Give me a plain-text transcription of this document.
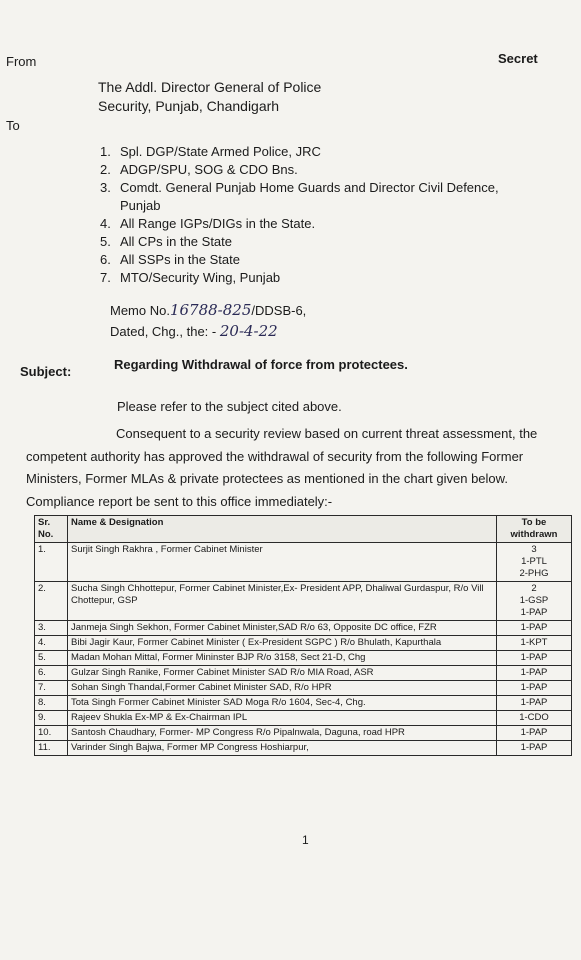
From	Secret
The Addl. Director General of Police
Security, Punjab, Chandigarh
To
1. Spl. DGP/State Armed Police, JRC
2. ADGP/SPU, SOG & CDO Bns.
3. Comdt. General Punjab Home Guards and Director Civil Defence,
Punjab
4. All Range IGPs/DIGs in the State.
5. All CPs in the State
6. All SSPs in the State
7. MTO/Security Wing, Punjab
Memo No.16788-825/DDSB-6,
Dated, Chg., the: - 20-4-22
Subject:	Regarding Withdrawal of force from protectees.
Please refer to the subject cited above.
Consequent to a security review based on current threat assessment, the competent authority has approved the withdrawal of security from the following Former Ministers, Former MLAs & private protectees as mentioned in the chart given below. Compliance report be sent to this office immediately:-
Sr. No.	Name & Designation	To be withdrawn
1.	Surjit Singh Rakhra , Former Cabinet Minister	3
1-PTL
2-PHG

2.	Sucha Singh Chhottepur, Former Cabinet Minister,Ex- President APP, Dhaliwal Gurdaspur, R/o Vill Chottepur, GSP	2
1-GSP
1-PAP

3.	Janmeja Singh Sekhon, Former Cabinet Minister,SAD R/o 63, Opposite DC office, FZR	1-PAP

4.	Bibi Jagir Kaur, Former Cabinet Minister ( Ex-President SGPC ) R/o Bhulath, Kapurthala	1-KPT

5.	Madan Mohan Mittal, Former Mininster BJP R/o 3158, Sect 21-D, Chg	1-PAP

6.	Gulzar Singh Ranike, Former Cabinet Minister SAD R/o MIA Road, ASR	1-PAP

7.	Sohan Singh Thandal,Former Cabinet Minister SAD, R/o HPR	1-PAP

8.	Tota Singh Former Cabinet Minister SAD Moga R/o 1604, Sec-4, Chg.	1-PAP

9.	Rajeev Shukla Ex-MP & Ex-Chairman IPL	1-CDO

10.	Santosh Chaudhary, Former- MP Congress R/o Pipalnwala, Daguna, road HPR	1-PAP

11.	Varinder Singh Bajwa, Former MP Congress Hoshiarpur,	1-PAP
1
